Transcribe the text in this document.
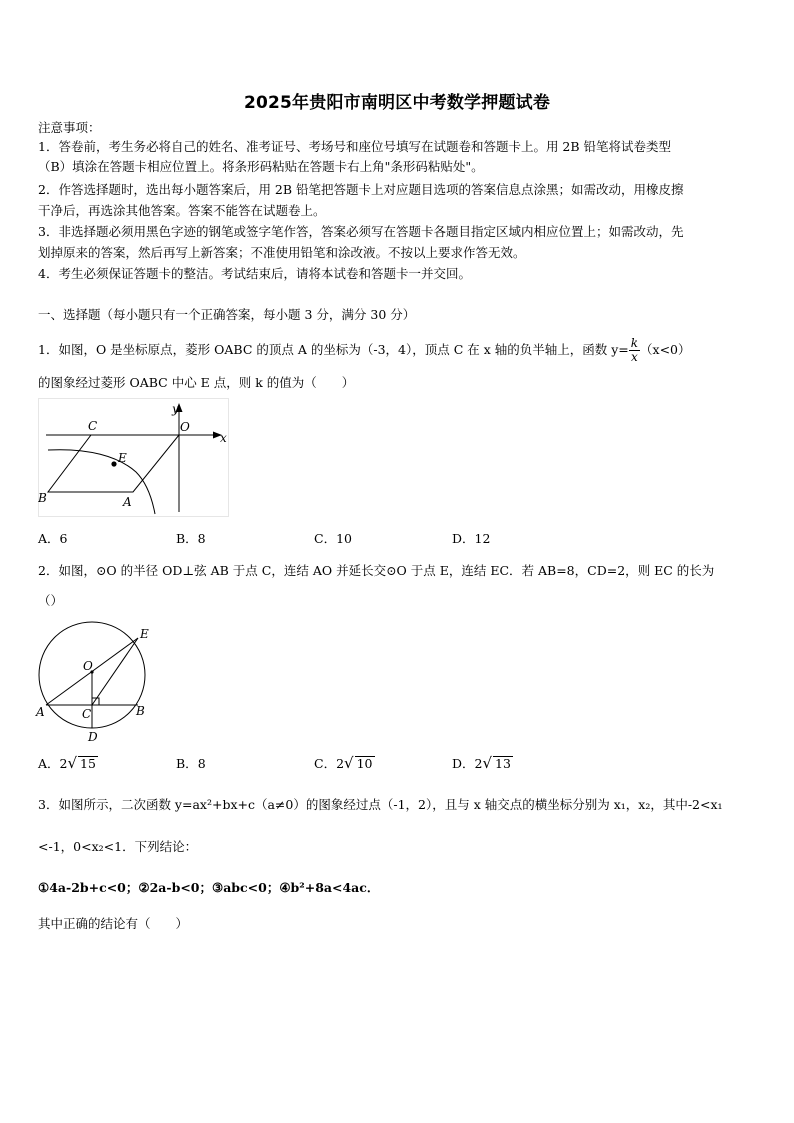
2025年贵阳市南明区中考数学押题试卷
注意事项：
1．答卷前，考生务必将自己的姓名、准考证号、考场号和座位号填写在试题卷和答题卡上。用 2B 铅笔将试卷类型
（B）填涂在答题卡相应位置上。将条形码粘贴在答题卡右上角"条形码粘贴处"。
2．作答选择题时，选出每小题答案后，用 2B 铅笔把答题卡上对应题目选项的答案信息点涂黑；如需改动，用橡皮擦
干净后，再选涂其他答案。答案不能答在试题卷上。
3．非选择题必须用黑色字迹的钢笔或签字笔作答，答案必须写在答题卡各题目指定区域内相应位置上；如需改动，先
划掉原来的答案，然后再写上新答案；不准使用铅笔和涂改液。不按以上要求作答无效。
4．考生必须保证答题卡的整洁。考试结束后，请将本试卷和答题卡一并交回。
一、选择题（每小题只有一个正确答案，每小题 3 分，满分 30 分）
1．如图，O 是坐标原点，菱形 OABC 的顶点 A 的坐标为（-3，4），顶点 C 在 x 轴的负半轴上，函数 $y= \frac{k}{x} (x<0)$
的图象经过菱形 OABC 中心 E 点，则 k 的值为（　　）
y
x
O
C
E
B	A
A．6	B．8	C．10	D．12
2．如图，⊙O 的半径 OD⊥弦 AB 于点 C，连结 AO 并延长交⊙O 于点 E，连结 EC．若 AB=8，CD=2，则 EC 的长为
（）
E
O
A	C	B
D
A．2√ 15	B．8	C．2√ 10	D．2√ 13
3．如图所示，二次函数 y=ax²+bx+c（a≠0）的图象经过点（-1，2），且与 x 轴交点的横坐标分别为 x₁，x₂，其中-2<x₁
<-1，0<x₂<1．下列结论：
①4a-2b+c<0；②2a-b<0；③abc<0；④b²+8a<4ac．
其中正确的结论有（　　）
